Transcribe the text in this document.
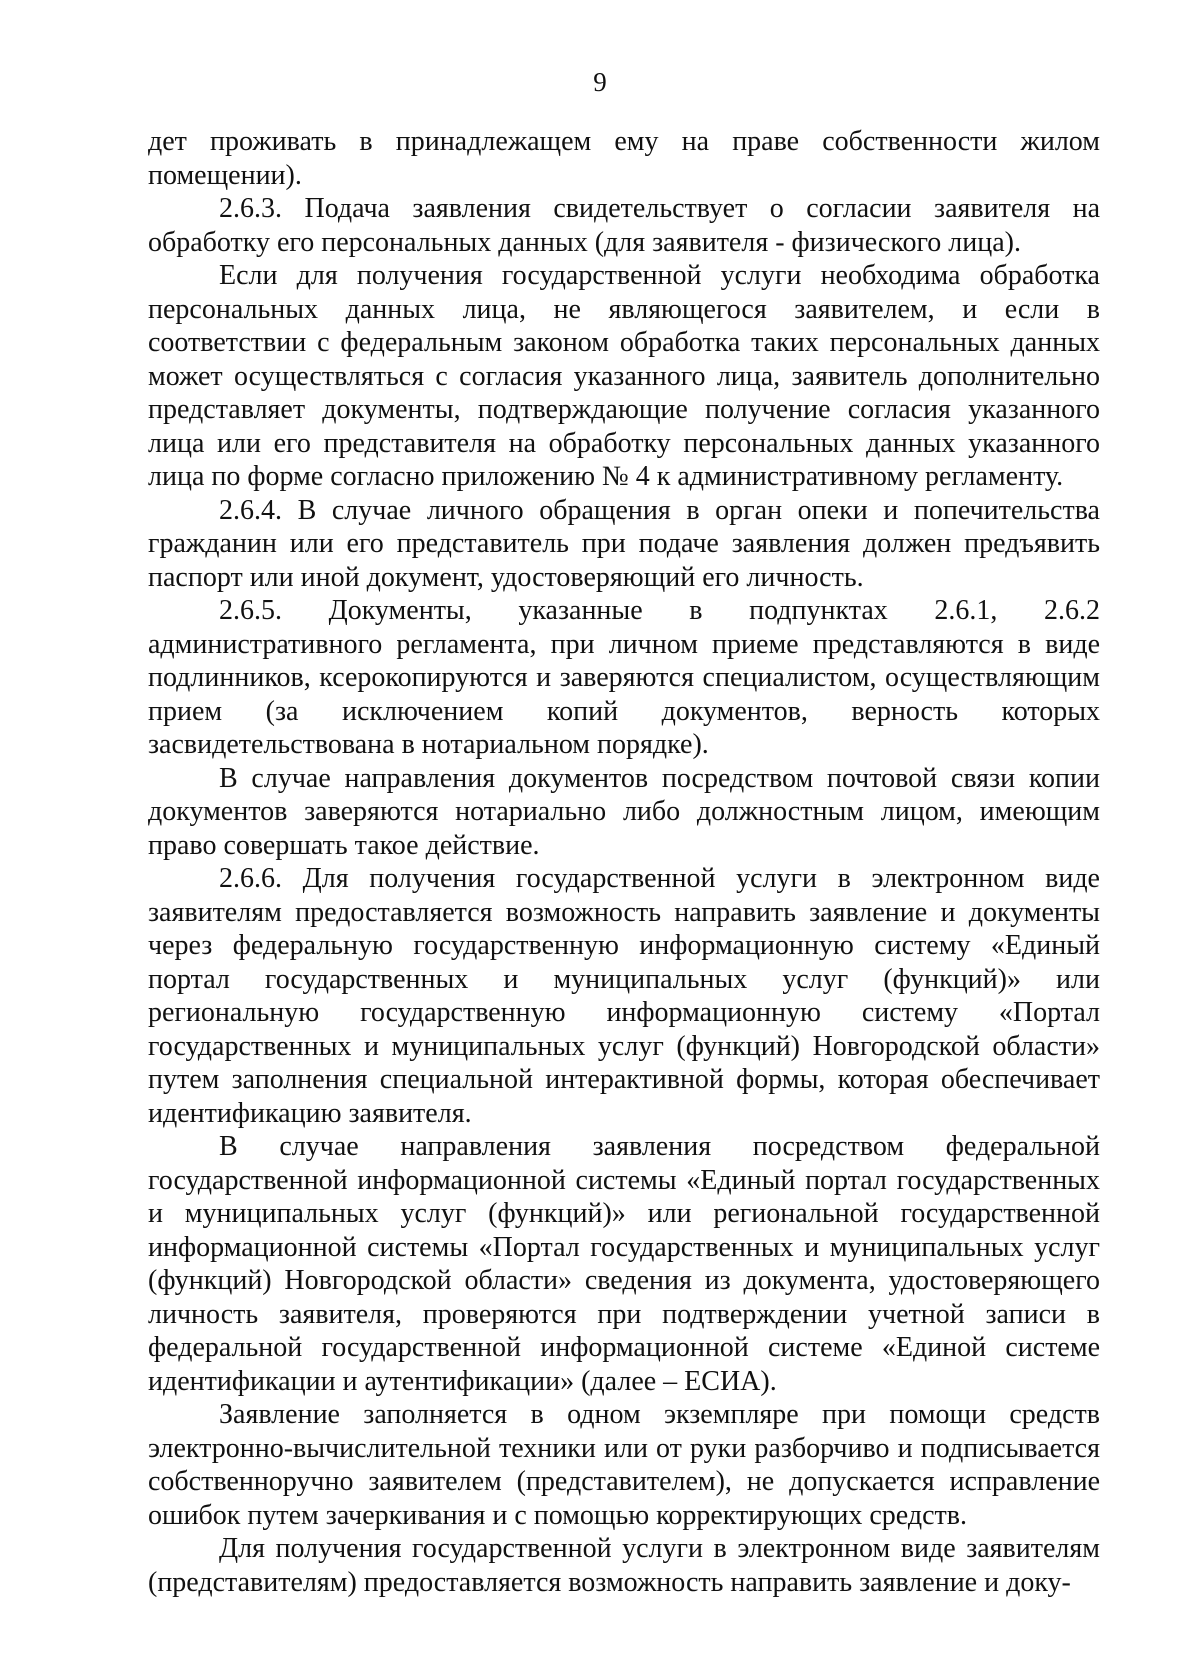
9

дет проживать в принадлежащем ему на праве собственности жилом помещении).

2.6.3. Подача заявления свидетельствует о согласии заявителя на обработку его персональных данных (для заявителя - физического лица).

Если для получения государственной услуги необходима обработка персональных данных лица, не являющегося заявителем, и если в соответствии с федеральным законом обработка таких персональных данных может осуществляться с согласия указанного лица, заявитель дополнительно представляет документы, подтверждающие получение согласия указанного лица или его представителя на обработку персональных данных указанного лица по форме согласно приложению № 4 к административному регламенту.

2.6.4. В случае личного обращения в орган опеки и попечительства гражданин или его представитель при подаче заявления должен предъявить паспорт или иной документ, удостоверяющий его личность.

2.6.5. Документы, указанные в подпунктах 2.6.1, 2.6.2 административного регламента, при личном приеме представляются в виде подлинников, ксерокопируются и заверяются специалистом, осуществляющим прием (за исключением копий документов, верность которых засвидетельствована в нотариальном порядке).

В случае направления документов посредством почтовой связи копии документов заверяются нотариально либо должностным лицом, имеющим право совершать такое действие.

2.6.6. Для получения государственной услуги в электронном виде заявителям предоставляется возможность направить заявление и документы через федеральную государственную информационную систему «Единый портал государственных и муниципальных услуг (функций)» или региональную государственную информационную систему «Портал государственных и муниципальных услуг (функций) Новгородской области» путем заполнения специальной интерактивной формы, которая обеспечивает идентификацию заявителя.

В случае направления заявления посредством федеральной государственной информационной системы «Единый портал государственных и муниципальных услуг (функций)» или региональной государственной информационной системы «Портал государственных и муниципальных услуг (функций) Новгородской области» сведения из документа, удостоверяющего личность заявителя, проверяются при подтверждении учетной записи в федеральной государственной информационной системе «Единой системе идентификации и аутентификации» (далее – ЕСИА).

Заявление заполняется в одном экземпляре при помощи средств электронно-вычислительной техники или от руки разборчиво и подписывается собственноручно заявителем (представителем), не допускается исправление ошибок путем зачеркивания и с помощью корректирующих средств.

Для получения государственной услуги в электронном виде заявителям (представителям) предоставляется возможность направить заявление и доку-
